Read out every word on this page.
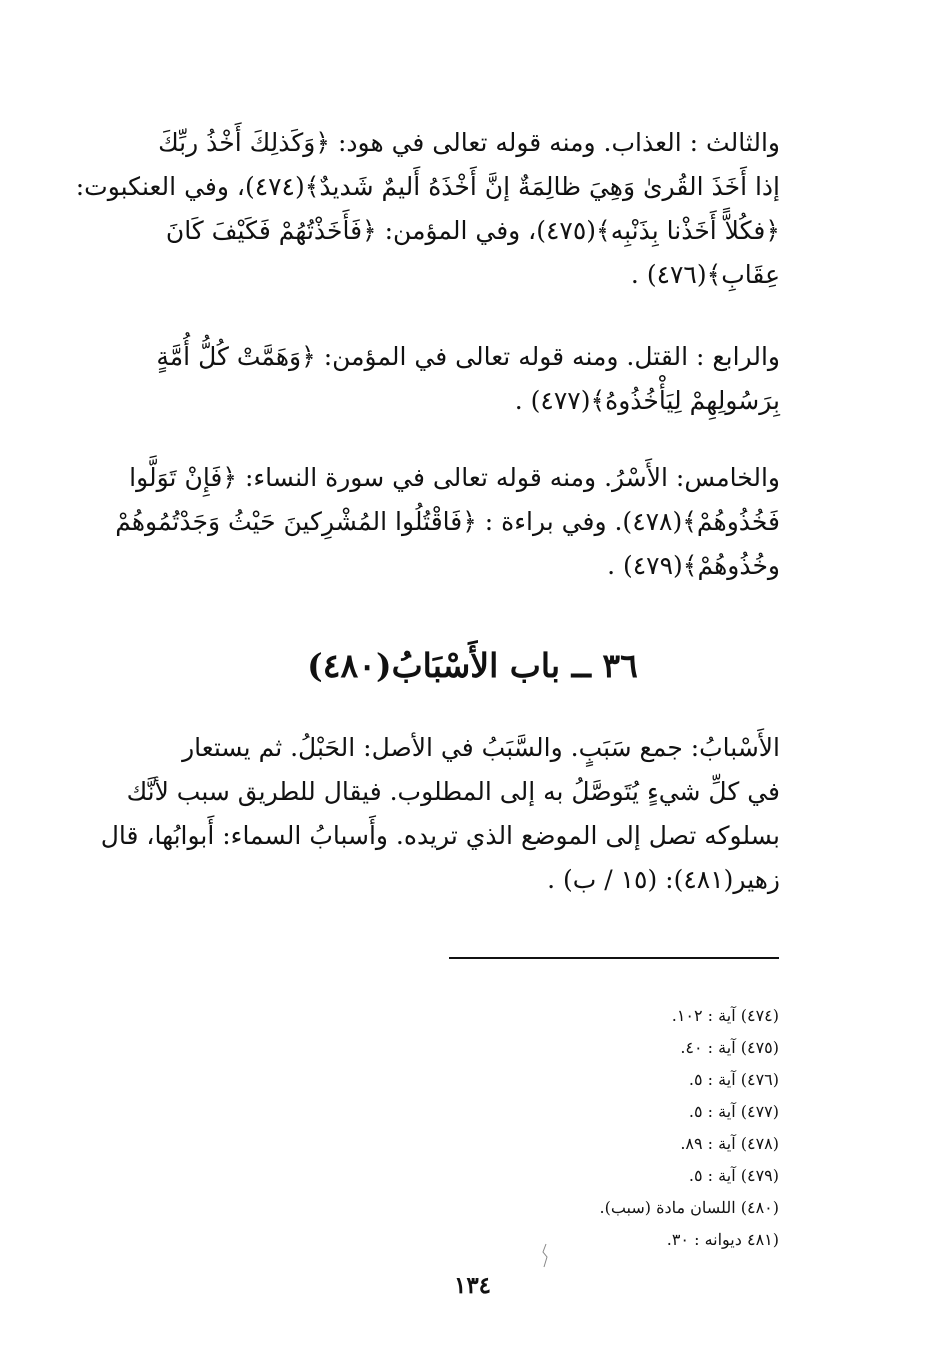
والثالث : العذاب. ومنه قوله تعالى في هود: ﴿وَكَذلِكَ أَخْذُ ربِّكَ
إذا أَخَذَ القُرىٰ وَهِيَ ظالِمَةٌ إنَّ أَخْذَهُ أَليمٌ شَديدٌ﴾(٤٧٤)، وفي العنكبوت:
﴿فكُلاًّ أَخَذْنا بِذَنْبِه﴾(٤٧٥)، وفي المؤمن: ﴿فَأَخَذْتُهُمْ فَكَيْفَ كَانَ
عِقَابِ﴾(٤٧٦) .
والرابع : القتل. ومنه قوله تعالى في المؤمن: ﴿وَهَمَّتْ كُلُّ أُمَّةٍ
بِرَسُولِهِمْ لِيَأْخُذُوهُ﴾(٤٧٧) .
والخامس: الأَسْرُ. ومنه قوله تعالى في سورة النساء: ﴿فَإِنْ تَوَلَّوا
فَخُذُوهُمْ﴾(٤٧٨). وفي براءة : ﴿فَاقْتُلُوا المُشْرِكينَ حَيْثُ وَجَدْتُمُوهُمْ
وخُذُوهُمْ﴾(٤٧٩) .
٣٦ ــ باب الأَسْبَابُ(٤٨٠)
الأَسْبابُ: جمع سَبَبٍ. والسَّبَبُ في الأصل: الحَبْلُ. ثم يستعار
في كلِّ شيءٍ يُتَوصَّلُ به إلى المطلوب. فيقال للطريق سبب لأنَّك
بسلوكه تصل إلى الموضع الذي تريده. وأَسبابُ السماء: أَبوابُها، قال
زهير(٤٨١): (١٥ / ب) .
(٤٧٤) آية : ١٠٢.
(٤٧٥) آية : ٤٠.
(٤٧٦) آية : ٥.
(٤٧٧) آية : ٥.
(٤٧٨) آية : ٨٩.
(٤٧٩) آية : ٥.
(٤٨٠) اللسان مادة (سبب).
(٤٨١ ديوانه : ٣٠.
١٣٤
